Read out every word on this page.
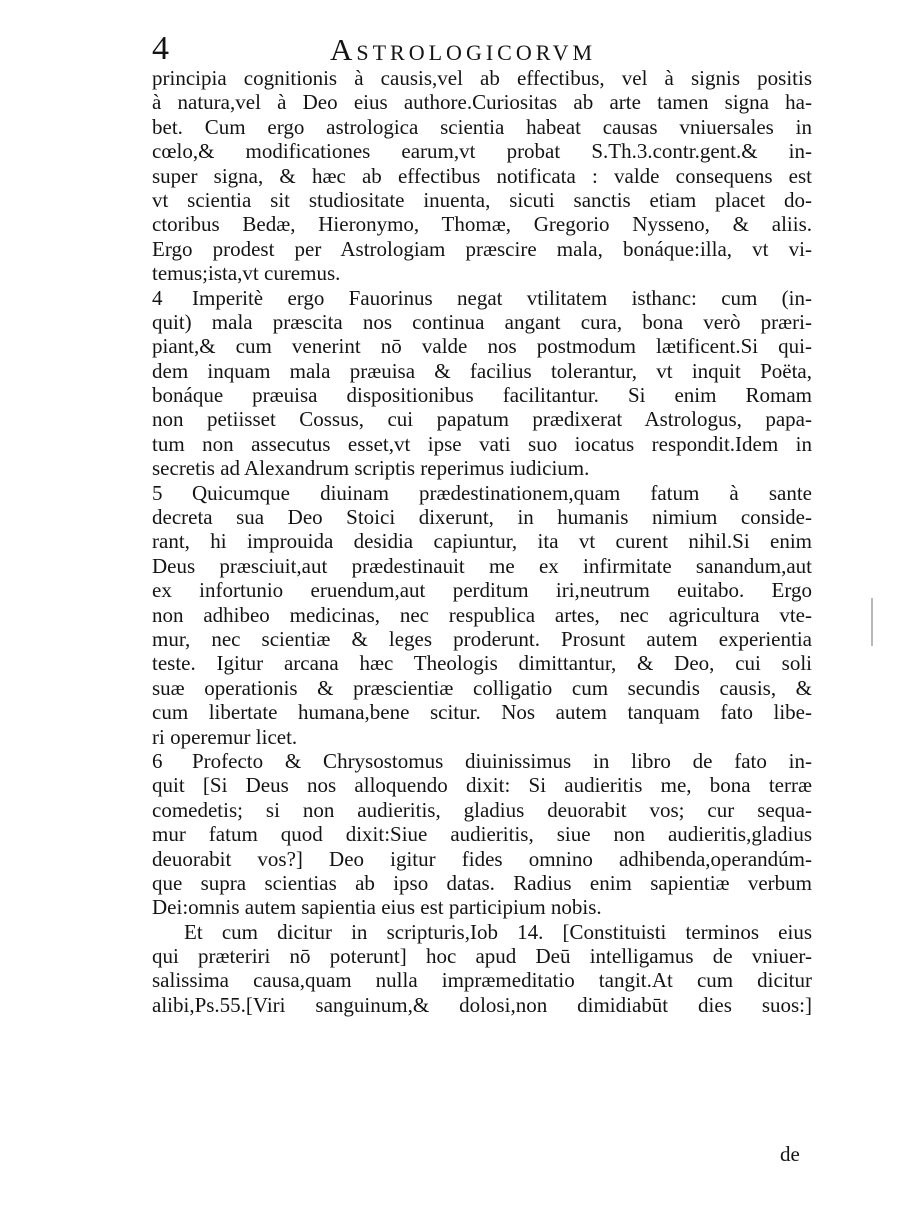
4	Astrologicorvm
principia cognitionis à causis,vel ab effectibus, vel à signis positis
à natura,vel à Deo eius authore.Curiositas ab arte tamen signa ha-
bet. Cum ergo astrologica scientia habeat causas vniuersales in
cœlo,& modificationes earum,vt probat S.Th.3.contr.gent.& in-
super signa, & hæc ab effectibus notificata : valde consequens est
vt scientia sit studiositate inuenta, sicuti sanctis etiam placet do-
ctoribus Bedæ, Hieronymo, Thomæ, Gregorio Nysseno, & aliis.
Ergo prodest per Astrologiam præscire mala, bonáque:illa, vt vi-
temus;ista,vt curemus.
4	Imperitè ergo Fauorinus negat vtilitatem isthanc: cum (in-
quit) mala præscita nos continua angant cura, bona verò præri-
piant,& cum venerint nō valde nos postmodum lætificent.Si qui-
dem inquam mala præuisa & facilius tolerantur, vt inquit Poëta,
bonáque præuisa dispositionibus facilitantur. Si enim Romam
non petiisset Cossus, cui papatum prædixerat Astrologus, papa-
tum non assecutus esset,vt ipse vati suo iocatus respondit.Idem in
secretis ad Alexandrum scriptis reperimus iudicium.
5	Quicumque diuinam prædestinationem,quam fatum à sante
decreta sua Deo Stoici dixerunt, in humanis nimium conside-
rant, hi improuida desidia capiuntur, ita vt curent nihil.Si enim
Deus præsciuit,aut prædestinauit me ex infirmitate sanandum,aut
ex infortunio eruendum,aut perditum iri,neutrum euitabo. Ergo
non adhibeo medicinas, nec respublica artes, nec agricultura vte-
mur, nec scientiæ & leges proderunt. Prosunt autem experientia
teste. Igitur arcana hæc Theologis dimittantur, & Deo, cui soli
suæ operationis & præscientiæ colligatio cum secundis causis, &
cum libertate humana,bene scitur. Nos autem tanquam fato libe-
ri operemur licet.
6	Profecto & Chrysostomus diuinissimus in libro de fato in-
quit [Si Deus nos alloquendo dixit: Si audieritis me, bona terræ
comedetis; si non audieritis, gladius deuorabit vos; cur sequa-
mur fatum quod dixit:Siue audieritis, siue non audieritis,gladius
deuorabit vos?] Deo igitur fides omnino adhibenda,operandúm-
que supra scientias ab ipso datas. Radius enim sapientiæ verbum
Dei:omnis autem sapientia eius est participium nobis.
Et cum dicitur in scripturis,Iob 14. [Constituisti terminos eius
qui præteriri nō poterunt] hoc apud Deū intelligamus de vniuer-
salissima causa,quam nulla impræmeditatio tangit.At cum dicitur
alibi,Ps.55.[Viri sanguinum,& dolosi,non dimidiabūt dies suos:]
de
